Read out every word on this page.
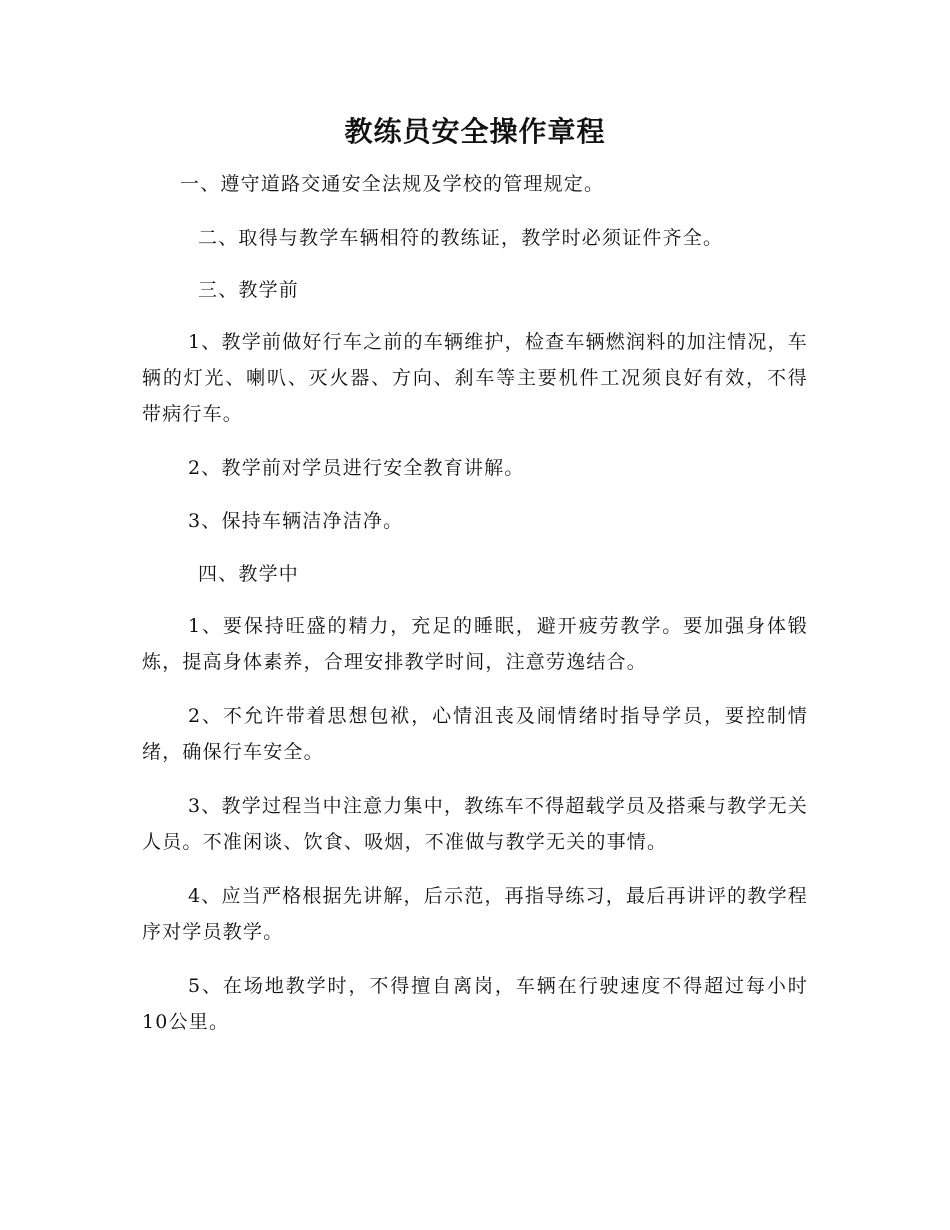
教练员安全操作章程
一、遵守道路交通安全法规及学校的管理规定。
二、取得与教学车辆相符的教练证，教学时必须证件齐全。
三、教学前
1、教学前做好行车之前的车辆维护，检查车辆燃润料的加注情况，车辆的灯光、喇叭、灭火器、方向、刹车等主要机件工况须良好有效，不得带病行车。
2、教学前对学员进行安全教育讲解。
3、保持车辆洁净洁净。
四、教学中
1、要保持旺盛的精力，充足的睡眠，避开疲劳教学。要加强身体锻炼，提高身体素养，合理安排教学时间，注意劳逸结合。
2、不允许带着思想包袱，心情沮丧及闹情绪时指导学员，要控制情绪，确保行车安全。
3、教学过程当中注意力集中，教练车不得超载学员及搭乘与教学无关人员。不准闲谈、饮食、吸烟，不准做与教学无关的事情。
4、应当严格根据先讲解，后示范，再指导练习，最后再讲评的教学程序对学员教学。
5、在场地教学时，不得擅自离岗，车辆在行驶速度不得超过每小时10公里。
